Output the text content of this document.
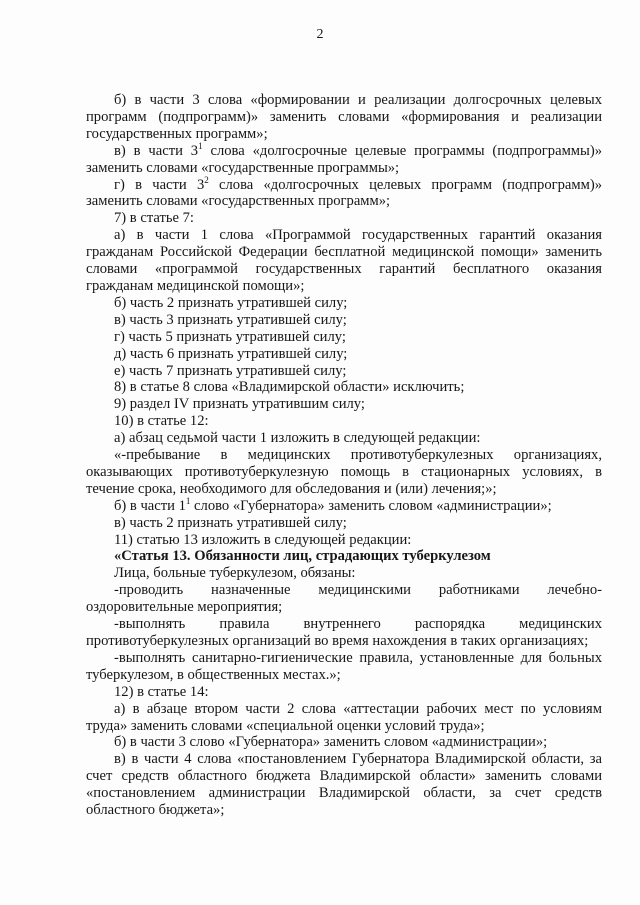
2

б) в части 3 слова «формировании и реализации долгосрочных целевых программ (подпрограмм)» заменить словами «формирования и реализации государственных программ»;

в) в части $3^1$ слова «долгосрочные целевые программы (подпрограммы)» заменить словами «государственные программы»;

г) в части $3^2$ слова «долгосрочных целевых программ (подпрограмм)» заменить словами «государственных программ»;

7) в статье 7:

а) в части 1 слова «Программой государственных гарантий оказания гражданам Российской Федерации бесплатной медицинской помощи» заменить словами «программой государственных гарантий бесплатного оказания гражданам медицинской помощи»;

б) часть 2 признать утратившей силу;

в) часть 3 признать утратившей силу;

г) часть 5 признать утратившей силу;

д) часть 6 признать утратившей силу;

е) часть 7 признать утратившей силу;

8) в статье 8 слова «Владимирской области» исключить;

9) раздел IV признать утратившим силу;

10) в статье 12:

а) абзац седьмой части 1 изложить в следующей редакции:

«-пребывание в медицинских противотуберкулезных организациях, оказывающих противотуберкулезную помощь в стационарных условиях, в течение срока, необходимого для обследования и (или) лечения;»;

б) в части $1^1$ слово «Губернатора» заменить словом «администрации»;

в) часть 2 признать утратившей силу;

11) статью 13 изложить в следующей редакции:

«Статья 13. Обязанности лиц, страдающих туберкулезом

Лица, больные туберкулезом, обязаны:

-проводить назначенные медицинскими работниками лечебно-

оздоровительные мероприятия;

-выполнять правила внутреннего распорядка медицинских противотуберкулезных организаций во время нахождения в таких организациях;

-выполнять санитарно-гигиенические правила, установленные для больных туберкулезом, в общественных местах.»;

12) в статье 14:

а) в абзаце втором части 2 слова «аттестации рабочих мест по условиям труда» заменить словами «специальной оценки условий труда»;

б) в части 3 слово «Губернатора» заменить словом «администрации»;

в) в части 4 слова «постановлением Губернатора Владимирской области, за счет средств областного бюджета Владимирской области» заменить словами «постановлением администрации Владимирской области, за счет средств областного бюджета»;
